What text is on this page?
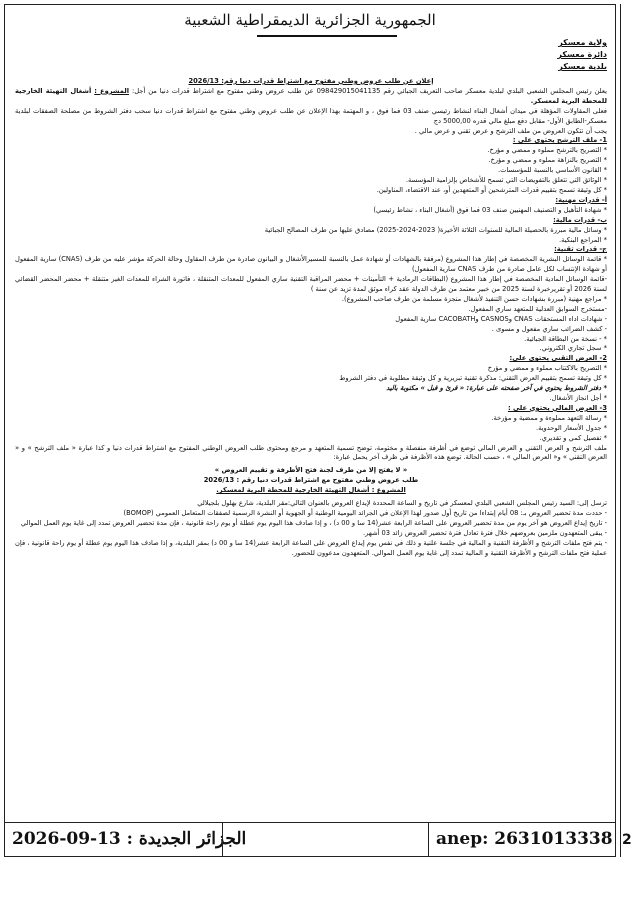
الجمهورية الجزائرية الديمقراطية الشعبية
ولاية معسكر
دائرة معسكر
بلدية معسكر

إعلان عن طلب عروض وطني مفتوح مع اشتراط قدرات دنيا رقم: 2026/13

يعلن رئيس المجلس الشعبي البلدي لبلدية معسكر صاحب التعريف الجبائي رقم 098429015041135 عن طلب عروض وطني مفتوح مع اشتراط قدرات دنيا من أجل: المشروع : أشغال التهيئة الخارجية للمحطة البرية لمعسكر.

فعلى المقاولات المؤهلة في ميدان أشغال البناء لنشاط رئيسي صنف 03 فما فوق ، و المهتمة بهذا الإعلان عن طلب عروض وطني مفتوح مع اشتراط قدرات دنيا سحب دفتر الشروط من مصلحة الصفقات لبلدية معسكر-الطابق الأول- مقابل دفع مبلغ مالي قدره 5000,00 دج

يجب أن تتكون العروض من ملف الترشح و عرض تقني و عرض مالي .

1- ملف الترشح يحتوي على :

* التصريح بالترشح مملوء و ممضي و مؤرخ.

* التصريح بالنزاهة مملوء و ممضي و مؤرخ.

* القانون الأساسي بالنسبة للمؤسسات.

* الوثائق التي تتعلق بالتفويضات التي تسمح للأشخاص بإلزامية المؤسسة.

* كل وثيقة تسمح بتقييم قدرات المترشحين أو المتعهدين أو، عند الاقتضاء، المناولين.

أ- قدرات مهنية:

* شهادة التأهيل و التصنيف المهنيين صنف 03 فما فوق (أشغال البناء ، نشاط رئيسي)

ب- قدرات مالية:

* وسائل مالية مبررة بالحصيلة المالية للسنوات الثلاثة الأخيرة( 2023-2024-2025) مصادق عليها من طرف المصالح الجبائية

* المراجع البنكية.

ج- قدرات تقنية:

* قائمة الوسائل البشرية المخصصة في إطار هذا المشروع (مرفقة بالشهادات أو شهادة عمل بالنسبة للمسيرالأشغال و البيانون صادرة من طرف المقاول وحالة الحركة مؤشر عليه من طرف (CNAS) سارية المفعول أو شهادة الإنتساب لكل عامل صادرة من طرف CNAS سارية المفعول)

-قائمة الوسائل المادية المخصصة في إطار هذا المشروع (البطاقات الرمادية + التأمينات + محضر المراقبة التقنية ساري المفعول للمعدات المتنقلة ، فاتورة الشراء للمعدات الغير متنقلة + محضر المحضر القضائي لسنة 2026 أو تقريرخبرة لسنة 2025 من خبير معتمد من طرف الدولة عقد كراء موثق لمدة تزيد عن سنة )

* مراجع مهنية (مبررة بشهادات حسن التنفيذ لأشغال منجزة مسلمة من طرف صاحب المشروع).

-مستخرج السوابق العدلية للمتعهد ساري المفعول.

- شهادات اداء المستحقات CNAS وCASNOS وCACOBATH سارية المفعول

- كشف الضرائب ساري مفعول و مسوى .

* - نسخة من البطاقة الجبائية.

* سجل تجاري الكتروني.

2- العرض التقني يحتوي على:

* التصريح بالاكتتاب مملوء و ممضي و مؤرخ

* كل وثيقة تسمح بتقييم العرض التقني: مذكرة تقنية تبريرية و كل وثيقة مطلوبة في دفتر الشروط

* دفتر الشروط يحتوي في آخر صفحته على عبارة: « قرئ و قبل » مكتوبة باليد

* أجل انجاز الأشغال.

3- العرض المالي يحتوي على :

* رسالة التعهد مملوءة و ممضية و مؤرخة.

* جدول الأسعار الوحدوية.

* تفصيل كمي و تقديري.

ملف الترشح و العرض التقني و العرض المالي توضع في أظرفة منفصلة و مختومة، توضح تسمية المتعهد و مرجع ومحتوى طلب العروض الوطني المفتوح مع اشتراط قدرات دنيا و كذا عبارة « ملف الترشح » و « العرض التقني » و« العرض المالي » ، حسب الحالة. توضع هذه الأظرفة في ظرف آخر يحمل عبارة:

« لا يفتح إلا من طرف لجنة فتح الأظرفة و تقييم العروض »

طلب عروض وطني مفتوح مع اشتراط قدرات دنيا رقم : 2026/13

المشروع : أشغال التهيئة الخارجية للمحطة البرية لمعسكر.

ترسل إلى: السيد رئيس المجلس الشعبي البلدي لمعسكر في تاريخ و الساعة المحددة لإيداع العروض بالعنوان التالي:مقر البلدية، شارع بهلول بلجيلالي

- حددت مدة تحضير العروض بـ: 08 أيام إبتداءا من تاريخ أول صدور لهذا الإعلان في الجرائد اليومية الوطنية أو الجهوية أو النشرة الرسمية لصفقات المتعامل العمومي (BOMOP)

- تاريخ إيداع العروض هو آخر يوم من مدة تحضير العروض على الساعة الرابعة عشر(14 سا و 00 د) ، و إذا صادف هذا اليوم يوم عطلة أو يوم راحة قانونية ، فإن مدة تحضير العروض تمدد إلى غاية يوم العمل الموالي

- يبقى المتعهدون ملزمين بعروضهم خلال فترة تعادل فترة تحضير العروض زائد 03 أشهر.

- يتم فتح ملفات الترشح و الأظرفة التقنية و المالية في جلسة علنية و ذلك في نفس يوم إيداع العروض على الساعة الرابعة عشر(14 سا و 00 د) بمقر البلدية، و إذا صادف هذا اليوم يوم عطلة أو يوم راحة قانونية ، فإن عملية فتح ملفات الترشح و الأظرفة التقنية و المالية تمدد إلى غاية يوم العمل الموالي. المتعهدون مدعوون للحضور.

2
الجزائر الجديدة : 2026-09-13	anep: 2631013338
